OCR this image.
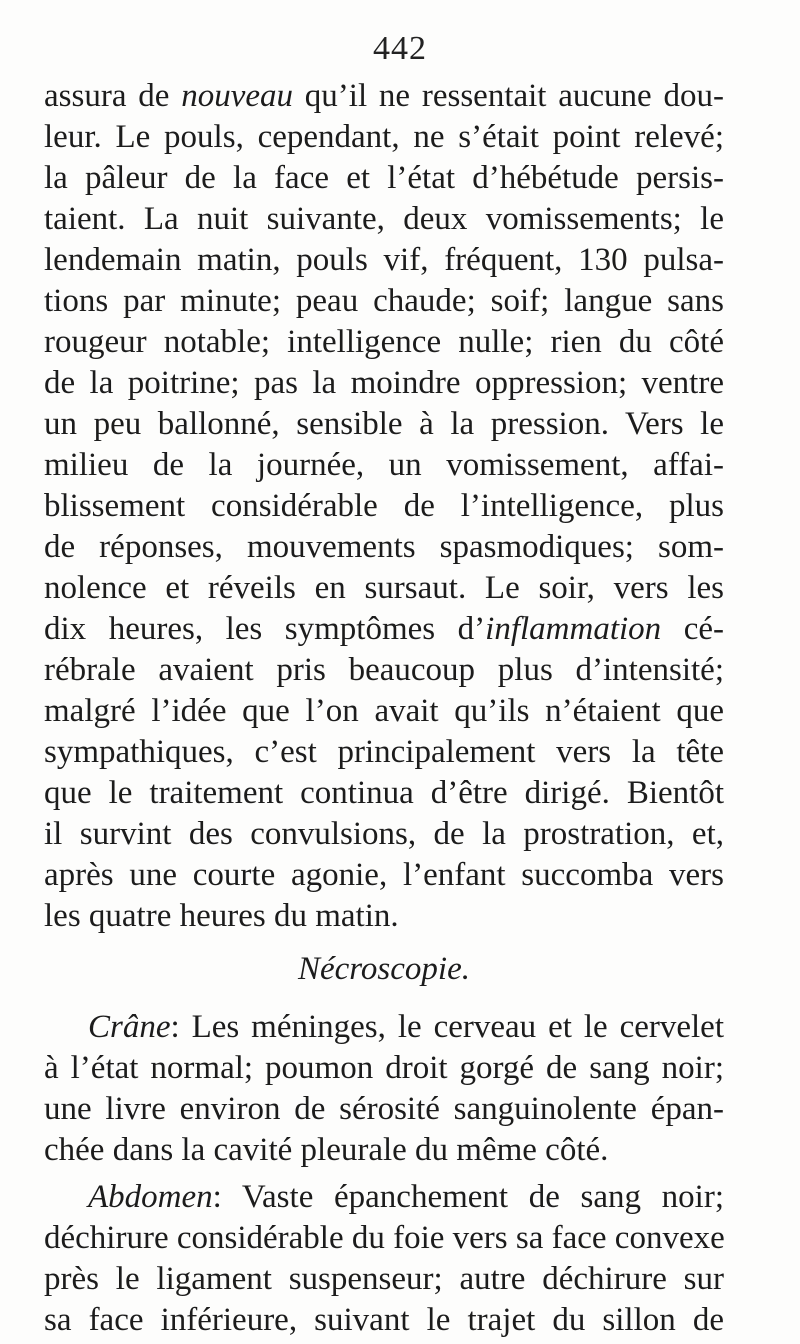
442
assura de nouveau qu’il ne ressentait aucune dou-
leur. Le pouls, cependant, ne s’était point relevé;
la pâleur de la face et l’état d’hébétude persis-
taient. La nuit suivante, deux vomissements; le
lendemain matin, pouls vif, fréquent, 130 pulsa-
tions par minute; peau chaude; soif; langue sans
rougeur notable; intelligence nulle; rien du côté
de la poitrine; pas la moindre oppression; ventre
un peu ballonné, sensible à la pression. Vers le
milieu de la journée, un vomissement, affai-
blissement considérable de l’intelligence, plus
de réponses, mouvements spasmodiques; som-
nolence et réveils en sursaut. Le soir, vers les
dix heures, les symptômes d’inflammation cé-
rébrale avaient pris beaucoup plus d’intensité;
malgré l’idée que l’on avait qu’ils n’étaient que
sympathiques, c’est principalement vers la tête
que le traitement continua d’être dirigé. Bientôt
il survint des convulsions, de la prostration, et,
après une courte agonie, l’enfant succomba vers
les quatre heures du matin.
Nécroscopie.
Crâne: Les méninges, le cerveau et le cervelet
à l’état normal; poumon droit gorgé de sang noir;
une livre environ de sérosité sanguinolente épan-
chée dans la cavité pleurale du même côté.
Abdomen: Vaste épanchement de sang noir;
déchirure considérable du foie vers sa face convexe
près le ligament suspenseur; autre déchirure sur
sa face inférieure, suivant le trajet du sillon de
